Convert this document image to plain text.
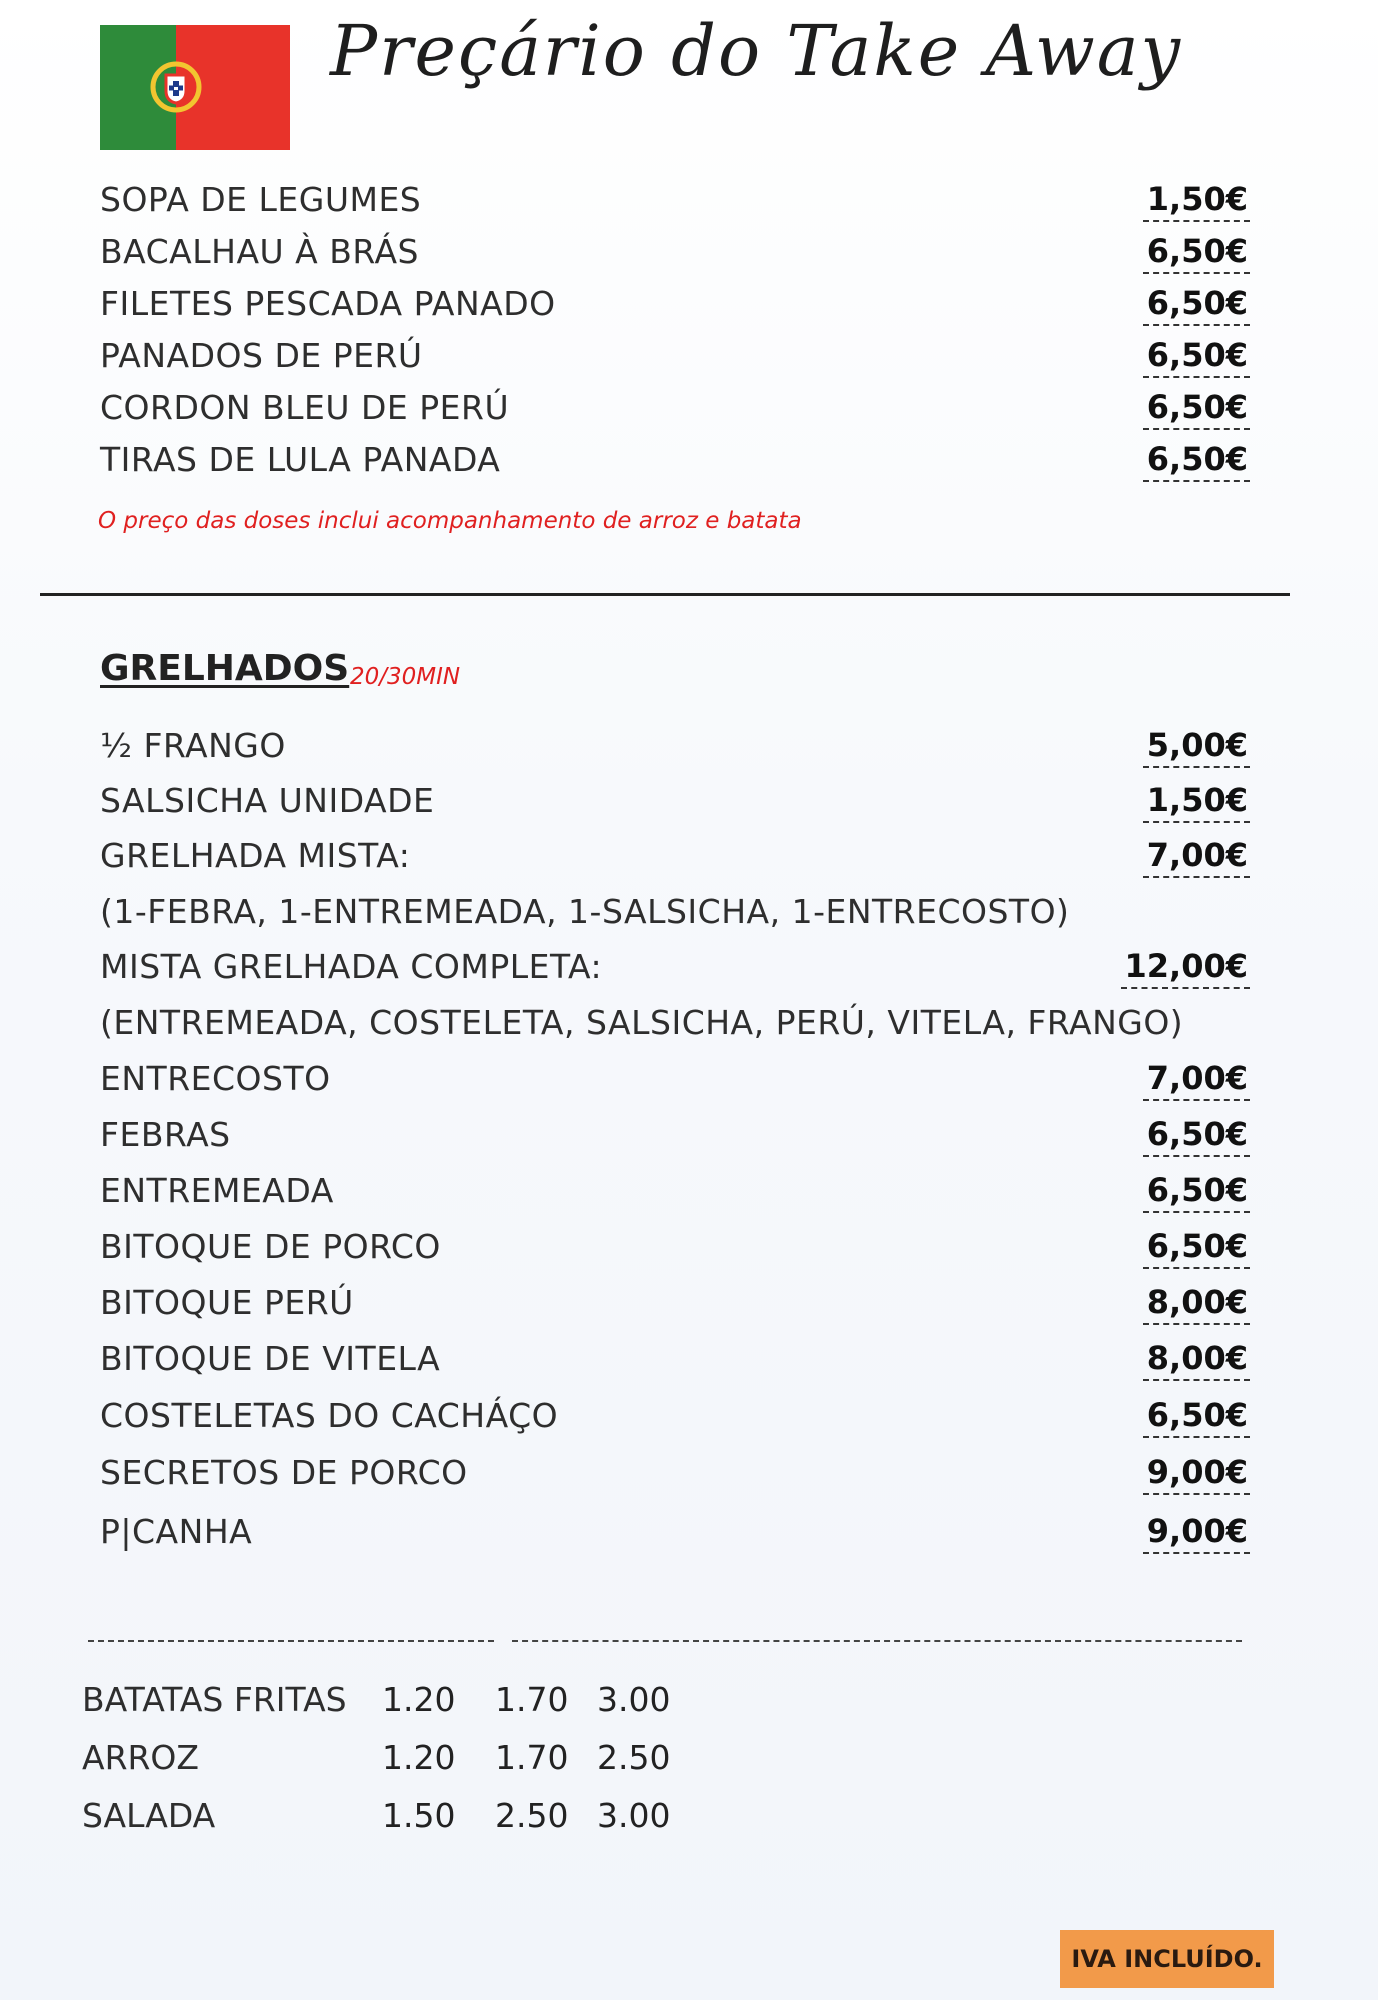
Preçário do Take Away
SOPA DE LEGUMES	1,50€
BACALHAU À BRÁS	6,50€
FILETES PESCADA PANADO	6,50€
PANADOS DE PERÚ	6,50€
CORDON BLEU DE PERÚ	6,50€
TIRAS DE LULA PANADA	6,50€
O preço das doses inclui acompanhamento de arroz e batata
GRELHADOS 20/30MIN
½ FRANGO	5,00€
SALSICHA UNIDADE	1,50€
GRELHADA MISTA:	7,00€
(1-FEBRA, 1-ENTREMEADA, 1-SALSICHA, 1-ENTRECOSTO)
MISTA GRELHADA COMPLETA:	12,00€
(ENTREMEADA, COSTELETA, SALSICHA, PERÚ, VITELA, FRANGO)
ENTRECOSTO	7,00€
FEBRAS	6,50€
ENTREMEADA	6,50€
BITOQUE DE PORCO	6,50€
BITOQUE PERÚ	8,00€
BITOQUE DE VITELA	8,00€
COSTELETAS DO CACHÁÇO	6,50€
SECRETOS DE PORCO	9,00€
P|CANHA	9,00€
BATATAS FRITAS 1.20 1.70 3.00
ARROZ	1.20 1.70 2.50
SALADA	1.50 2.50 3.00
IVA INCLUÍDO.
